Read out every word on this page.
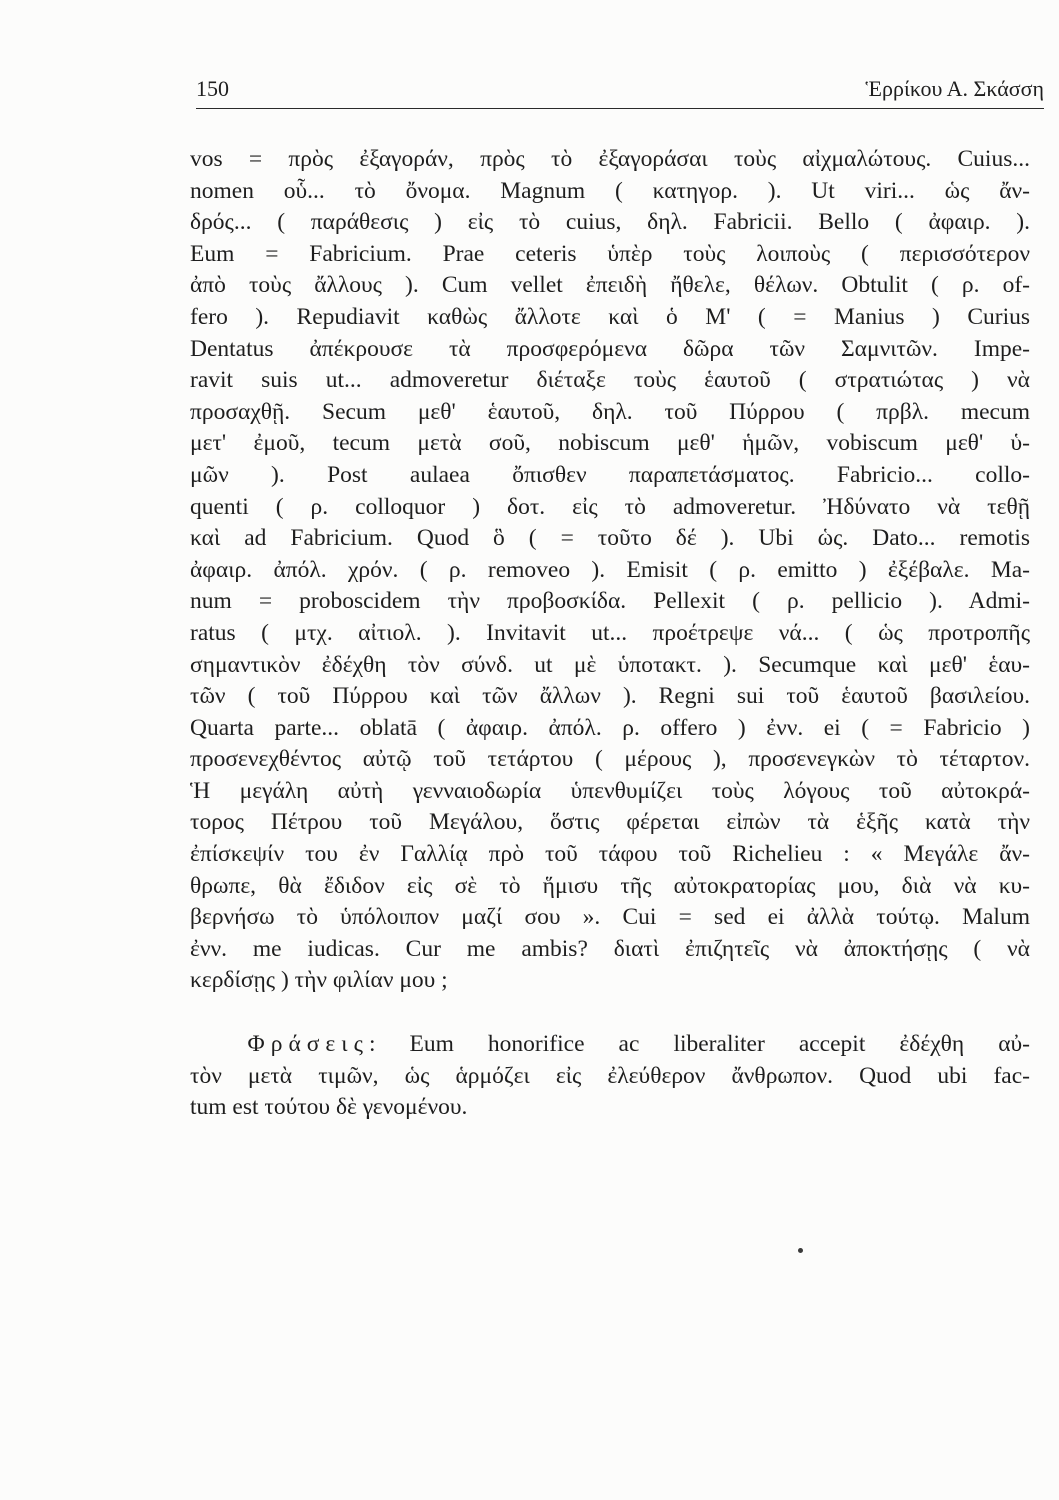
150	Ἑρρίκου Α. Σκάσση
vos = πρὸς ἐξαγοράν, πρὸς τὸ ἐξαγοράσαι τοὺς αἰχμαλώτους. Cuius...
nomen οὗ... τὸ ὄνομα. Magnum ( κατηγορ. ). Ut viri... ὡς ἄν-
δρός... ( παράθεσις ) εἰς τὸ cuius, δηλ. Fabricii. Bello ( ἀφαιρ. ).
Eum = Fabricium. Prae ceteris ὑπὲρ τοὺς λοιποὺς ( περισσότερον
ἀπὸ τοὺς ἄλλους ). Cum vellet ἐπειδὴ ἤθελε, θέλων. Obtulit ( ρ. of-
fero ). Repudiavit καθὼς ἄλλοτε καὶ ὁ M' ( = Manius ) Curius
Dentatus ἀπέκρουσε τὰ προσφερόμενα δῶρα τῶν Σαμνιτῶν. Impe-
ravit suis ut... admoveretur διέταξε τοὺς ἑαυτοῦ ( στρατιώτας ) νὰ
προσαχθῇ. Secum μεθ' ἑαυτοῦ, δηλ. τοῦ Πύρρου ( πρβλ. mecum
μετ' ἐμοῦ, tecum μετὰ σοῦ, nobiscum μεθ' ἡμῶν, vobiscum μεθ' ὑ-
μῶν ). Post aulaea ὄπισθεν παραπετάσματος. Fabricio... collo-
quenti ( ρ. colloquor ) δοτ. εἰς τὸ admoveretur. Ἠδύνατο νὰ τεθῇ
καὶ ad Fabricium. Quod ὃ ( = τοῦτο δέ ). Ubi ὡς. Dato... remotis
ἀφαιρ. ἀπόλ. χρόν. ( ρ. removeo ). Emisit ( ρ. emitto ) ἐξέβαλε. Ma-
num = proboscidem τὴν προβοσκίδα. Pellexit ( ρ. pellicio ). Admi-
ratus ( μτχ. αἰτιολ. ). Invitavit ut... προέτρεψε νά... ( ὡς προτροπῆς
σημαντικὸν ἐδέχθη τὸν σύνδ. ut μὲ ὑποτακτ. ). Secumque καὶ μεθ' ἑαυ-
τῶν ( τοῦ Πύρρου καὶ τῶν ἄλλων ). Regni sui τοῦ ἑαυτοῦ βασιλείου.
Quarta parte... oblatā ( ἀφαιρ. ἀπόλ. ρ. offero ) ἐνν. ei ( = Fabricio )
προσενεχθέντος αὐτῷ τοῦ τετάρτου ( μέρους ), προσενεγκὼν τὸ τέταρτον.
Ἡ μεγάλη αὐτὴ γενναιοδωρία ὑπενθυμίζει τοὺς λόγους τοῦ αὐτοκρά-
τορος Πέτρου τοῦ Μεγάλου, ὅστις φέρεται εἰπὼν τὰ ἑξῆς κατὰ τὴν
ἐπίσκεψίν του ἐν Γαλλίᾳ πρὸ τοῦ τάφου τοῦ Richelieu : « Μεγάλε ἄν-
θρωπε, θὰ ἔδιδον εἰς σὲ τὸ ἥμισυ τῆς αὐτοκρατορίας μου, διὰ νὰ κυ-
βερνήσω τὸ ὑπόλοιπον μαζί σου ». Cui = sed ei ἀλλὰ τούτῳ. Malum
ἐνν. me iudicas. Cur me ambis? διατὶ ἐπιζητεῖς νὰ ἀποκτήσῃς ( νὰ
κερδίσῃς ) τὴν φιλίαν μου ;
  Φράσεις: Eum honorifice ac liberaliter accepit ἐδέχθη αὐ-
τὸν μετὰ τιμῶν, ὡς ἁρμόζει εἰς ἐλεύθερον ἄνθρωπον. Quod ubi fac-
tum est τούτου δὲ γενομένου.
